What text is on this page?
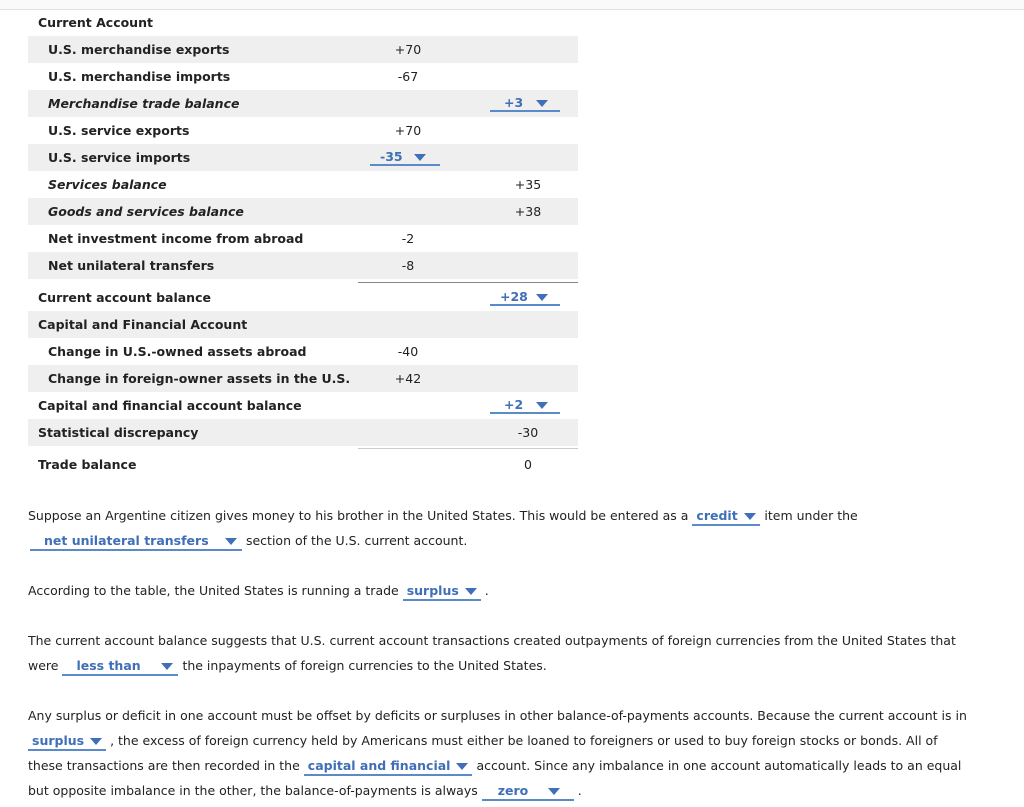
Current Account
U.S. merchandise exports	+70
U.S. merchandise imports	-67
Merchandise trade balance	+3
U.S. service exports	+70
U.S. service imports	-35
Services balance	+35
Goods and services balance	+38
Net investment income from abroad	-2
Net unilateral transfers	-8
Current account balance	+28
Capital and Financial Account
Change in U.S.-owned assets abroad	-40
Change in foreign-owner assets in the U.S.	+42
Capital and financial account balance	+2
Statistical discrepancy	-30
Trade balance	0
Suppose an Argentine citizen gives money to his brother in the United States. This would be entered as a credit item under the
net unilateral transfers	section of the U.S. current account.
According to the table, the United States is running a trade surplus .
The current account balance suggests that U.S. current account transactions created outpayments of foreign currencies from the United States that
were less than	the inpayments of foreign currencies to the United States.
Any surplus or deficit in one account must be offset by deficits or surpluses in other balance-of-payments accounts. Because the current account is in
surplus , the excess of foreign currency held by Americans must either be loaned to foreigners or used to buy foreign stocks or bonds. All of
these transactions are then recorded in the capital and financial account. Since any imbalance in one account automatically leads to an equal
but opposite imbalance in the other, the balance-of-payments is always zero	.
